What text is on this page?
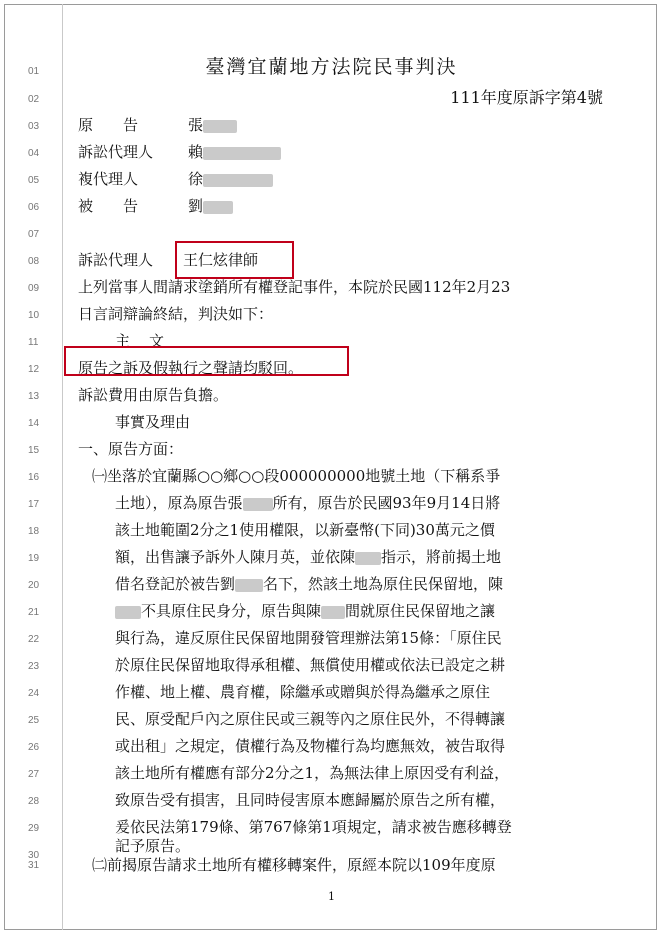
01
02
03
04
05
06
07
08
09
10
11
12
13
14
15
16
17
18
19
20
21
22
23
24
25
26
27
28
29
30
31
臺灣宜蘭地方法院民事判決
111年度原訴字第4號
原　　告	張
訴訟代理人 賴
複代理人	徐
被　　告	劉
訴訟代理人 王仁炫律師
上列當事人間請求塗銷所有權登記事件，本院於民國112年2月23
日言詞辯論終結，判決如下：
主　文
原告之訴及假執行之聲請均駁回。
訴訟費用由原告負擔。
事實及理由
一、原告方面：
㈠坐落於宜蘭縣○○鄉○○段000000000地號土地（下稱系爭
土地），原為原告張 所有，原告於民國93年9月14日將
該土地範圍2分之1使用權限，以新臺幣(下同)30萬元之價
額，出售讓予訴外人陳月英，並依陳 指示，將前揭土地
借名登記於被告劉 名下，然該土地為原住民保留地，陳
不具原住民身分，原告與陳 間就原住民保留地之讓
與行為，違反原住民保留地開發管理辦法第15條：「原住民
於原住民保留地取得承租權、無償使用權或依法已設定之耕
作權、地上權、農育權，除繼承或贈與於得為繼承之原住
民、原受配戶內之原住民或三親等內之原住民外，不得轉讓
或出租」之規定，債權行為及物權行為均應無效，被告取得
該土地所有權應有部分2分之1，為無法律上原因受有利益，
致原告受有損害，且同時侵害原本應歸屬於原告之所有權，
爰依民法第179條、第767條第1項規定，請求被告應移轉登
記予原告。
㈡前揭原告請求土地所有權移轉案件，原經本院以109年度原
1
